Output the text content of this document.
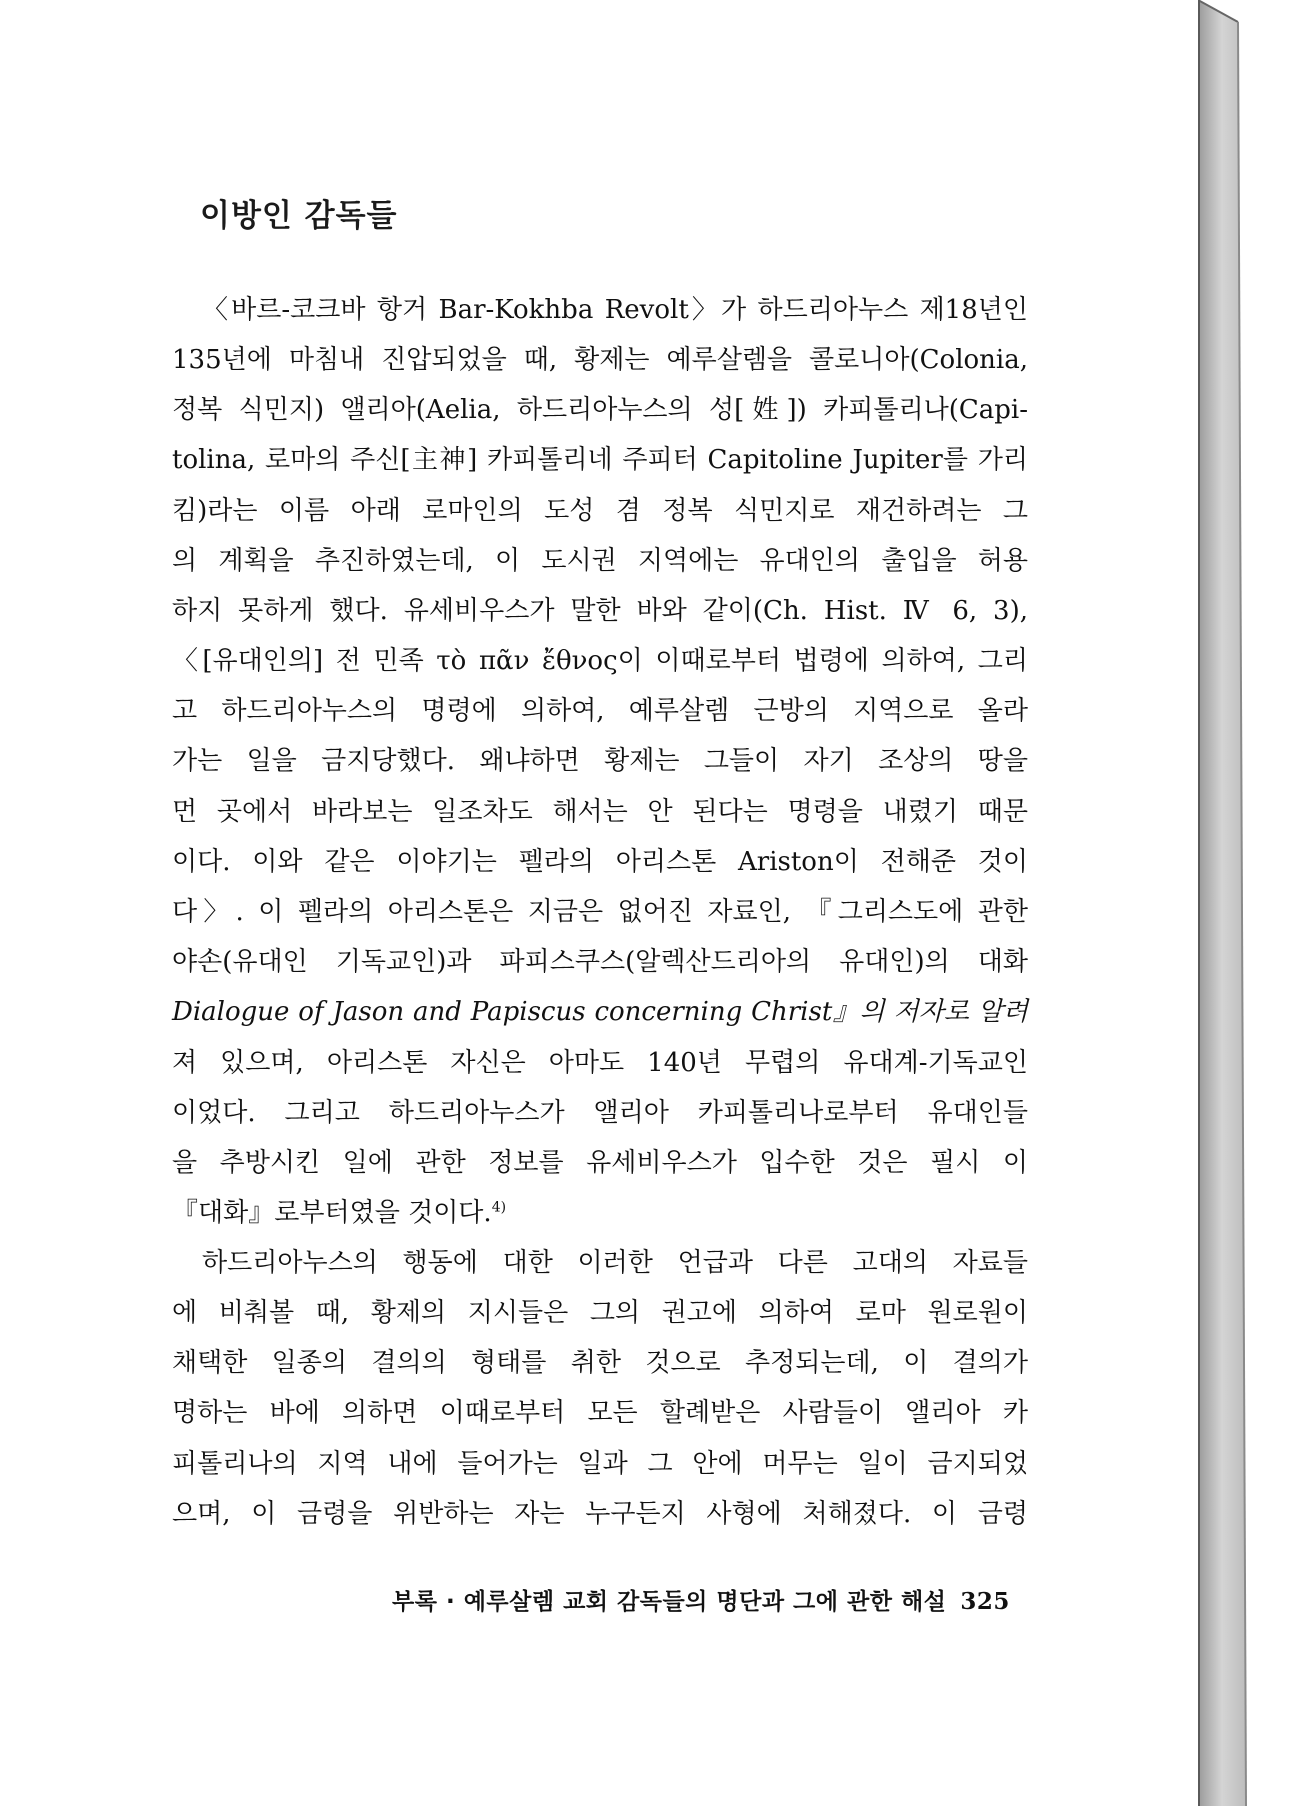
이방인 감독들
〈바르-코크바 항거 Bar-Kokhba Revolt〉가 하드리아누스 제18년인
135년에 마침내 진압되었을 때, 황제는 예루살렘을 콜로니아(Colonia,
정복 식민지) 앨리아(Aelia, 하드리아누스의 성[姓]) 카피톨리나(Capi-
tolina, 로마의 주신[主神] 카피톨리네 주피터 Capitoline Jupiter를 가리
킴)라는 이름 아래 로마인의 도성 겸 정복 식민지로 재건하려는 그
의 계획을 추진하였는데, 이 도시권 지역에는 유대인의 출입을 허용
하지 못하게 했다. 유세비우스가 말한 바와 같이(Ch. Hist. Ⅳ 6, 3),
〈[유대인의] 전 민족 τὸ πᾶν ἔθνος이 이때로부터 법령에 의하여, 그리
고 하드리아누스의 명령에 의하여, 예루살렘 근방의 지역으로 올라
가는 일을 금지당했다. 왜냐하면 황제는 그들이 자기 조상의 땅을
먼 곳에서 바라보는 일조차도 해서는 안 된다는 명령을 내렸기 때문
이다. 이와 같은 이야기는 펠라의 아리스톤 Ariston이 전해준 것이
다〉. 이 펠라의 아리스톤은 지금은 없어진 자료인, 『그리스도에 관한
야손(유대인 기독교인)과 파피스쿠스(알렉산드리아의 유대인)의 대화
Dialogue of Jason and Papiscus concerning Christ』의 저자로 알려
져 있으며, 아리스톤 자신은 아마도 140년 무렵의 유대계-기독교인
이었다. 그리고 하드리아누스가 앨리아 카피톨리나로부터 유대인들
을 추방시킨 일에 관한 정보를 유세비우스가 입수한 것은 필시 이
『대화』로부터였을 것이다.$^{4)}$
하드리아누스의 행동에 대한 이러한 언급과 다른 고대의 자료들
에 비춰볼 때, 황제의 지시들은 그의 권고에 의하여 로마 원로원이
채택한 일종의 결의의 형태를 취한 것으로 추정되는데, 이 결의가
명하는 바에 의하면 이때로부터 모든 할례받은 사람들이 앨리아 카
피톨리나의 지역 내에 들어가는 일과 그 안에 머무는 일이 금지되었
으며, 이 금령을 위반하는 자는 누구든지 사형에 처해졌다. 이 금령
부록 · 예루살렘 교회 감독들의 명단과 그에 관한 해설 325
